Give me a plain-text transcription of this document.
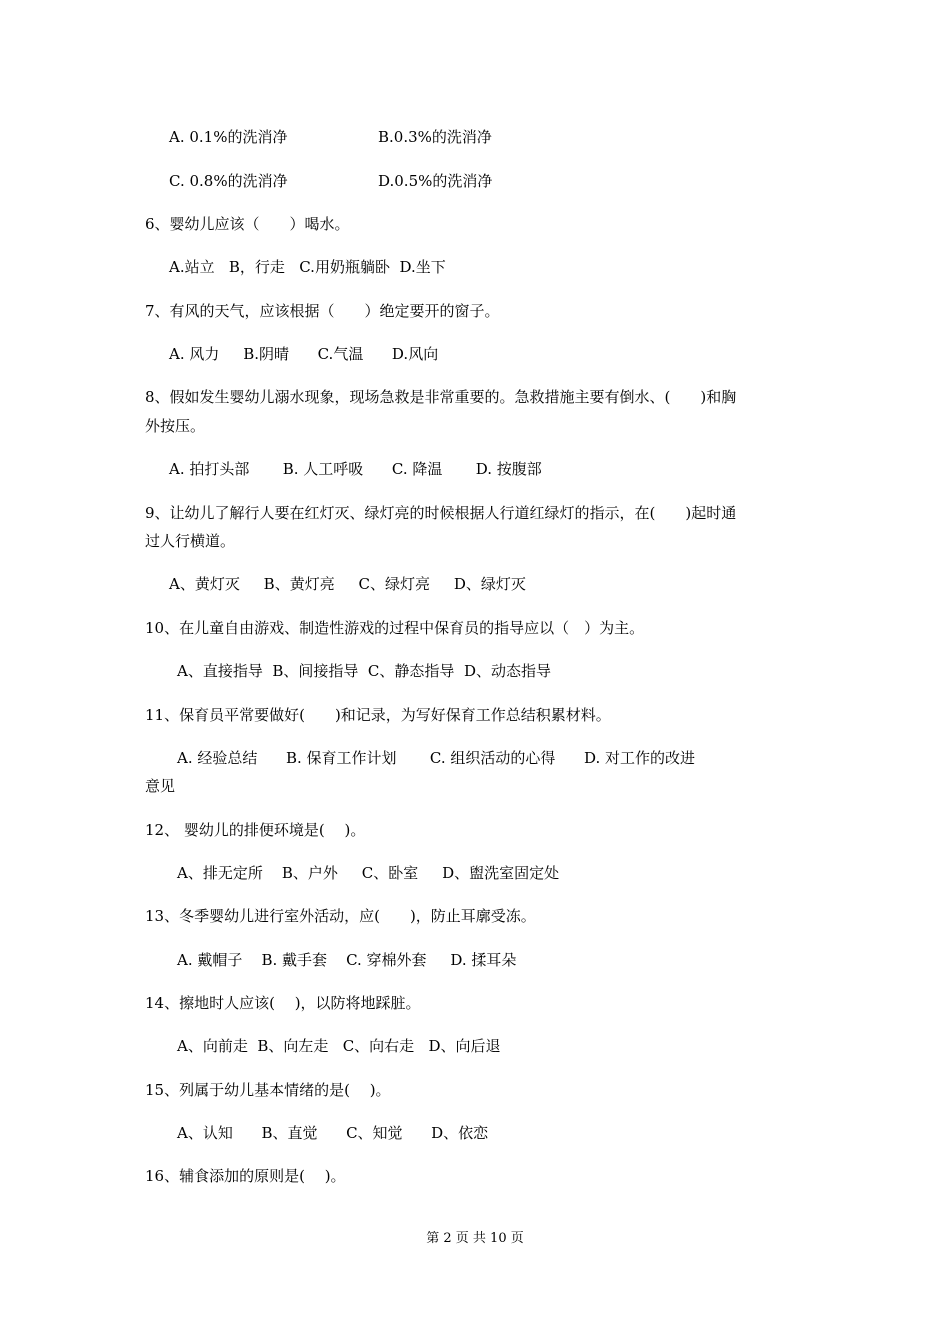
A. 0.1%的洗消净	B.0.3%的洗消净
C. 0.8%的洗消净	D.0.5%的洗消净
6、婴幼儿应该（　　）喝水。
A.站立   B，行走   C.用奶瓶躺卧  D.坐下
7、有风的天气，应该根据（　　）绝定要开的窗子。
A. 风力     B.阴晴      C.气温      D.风向
8、假如发生婴幼儿溺水现象，现场急救是非常重要的。急救措施主要有倒水、(　　)和胸
外按压。
A. 拍打头部       B. 人工呼吸      C. 降温       D. 按腹部
9、让幼儿了解行人要在红灯灭、绿灯亮的时候根据人行道红绿灯的指示，在(　　)起时通
过人行横道。
A、黄灯灭     B、黄灯亮     C、绿灯亮     D、绿灯灭
10、在儿童自由游戏、制造性游戏的过程中保育员的指导应以（　）为主。
A、直接指导  B、间接指导  C、静态指导  D、动态指导
11、保育员平常要做好(　　)和记录，为写好保育工作总结积累材料。
A. 经验总结      B. 保育工作计划       C. 组织活动的心得      D. 对工作的改进
意见
12、 婴幼儿的排便环境是(　 )。
A、排无定所    B、户外     C、卧室     D、盥洗室固定处
13、冬季婴幼儿进行室外活动，应(　　)，防止耳廓受冻。
A. 戴帽子    B. 戴手套    C. 穿棉外套     D. 揉耳朵
14、擦地时人应该(　 )，以防将地踩脏。
A、向前走  B、向左走   C、向右走   D、向后退
15、列属于幼儿基本情绪的是(　 )。
A、认知      B、直觉      C、知觉      D、依恋
16、辅食添加的原则是(　 )。
第 2 页 共 10 页
